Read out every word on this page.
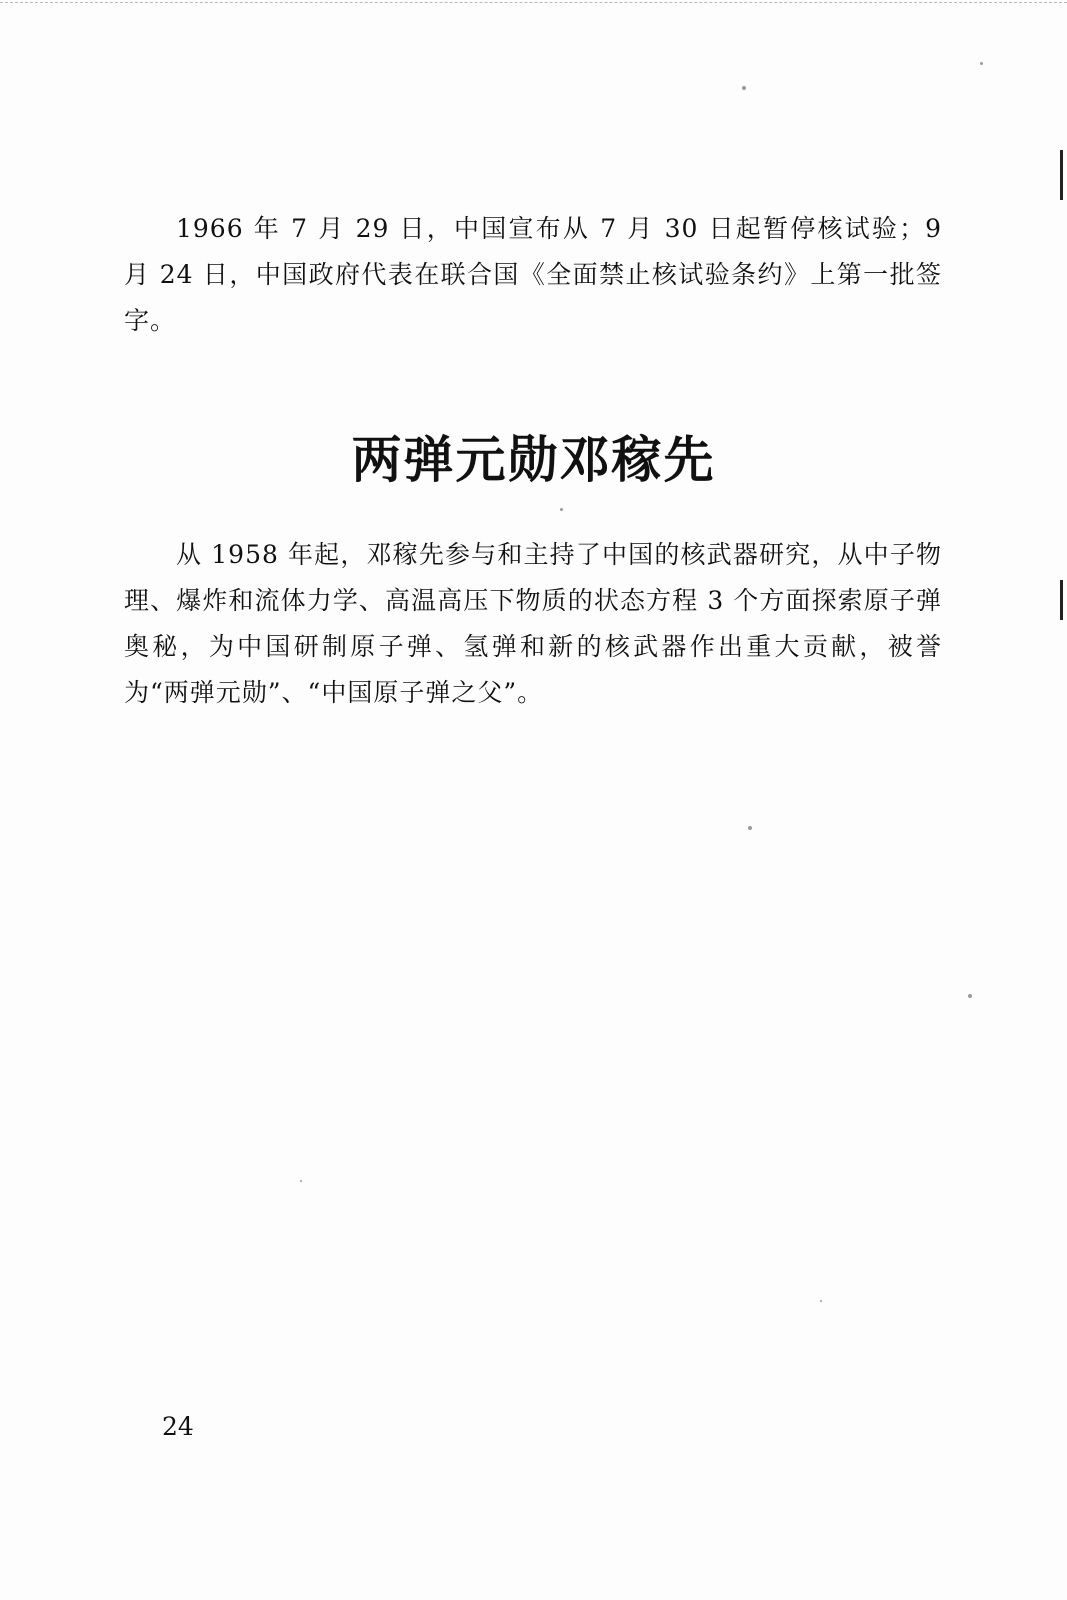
1966 年 7 月 29 日，中国宣布从 7 月 30 日起暂停核试验；9 月 24 日，中国政府代表在联合国《全面禁止核试验条约》上第一批签字。

两弹元勋邓稼先

从 1958 年起，邓稼先参与和主持了中国的核武器研究，从中子物理、爆炸和流体力学、高温高压下物质的状态方程 3 个方面探索原子弹奥秘，为中国研制原子弹、氢弹和新的核武器作出重大贡献，被誉为“两弹元勋”、“中国原子弹之父”。

24
